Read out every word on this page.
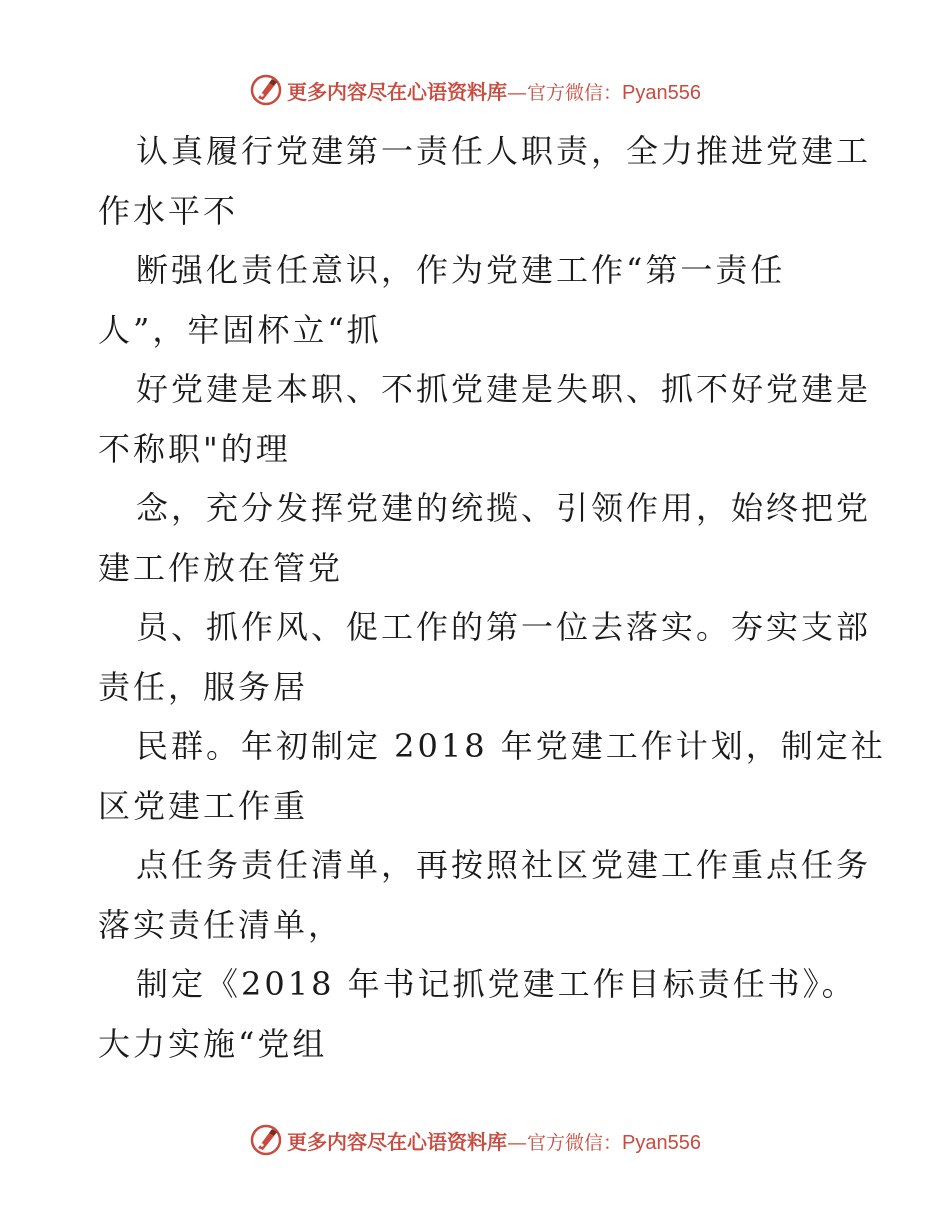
更多内容尽在心语资料库 — 官方微信： Pyan556
认真履行党建第一责任人职责，全力推进党建工
作水平不
断强化责任意识，作为党建工作“第一责任
人”，牢固杯立“抓
好党建是本职、不抓党建是失职、抓不好党建是
不称职"的理
念，充分发挥党建的统揽、引领作用，始终把党
建工作放在管党
员、抓作风、促工作的第一位去落实。夯实支部
责任，服务居
民群。年初制定 2018 年党建工作计划，制定社
区党建工作重
点任务责任清单，再按照社区党建工作重点任务
落实责任清单，
制定《2018 年书记抓党建工作目标责任书》。
大力实施“党组
更多内容尽在心语资料库 — 官方微信： Pyan556
